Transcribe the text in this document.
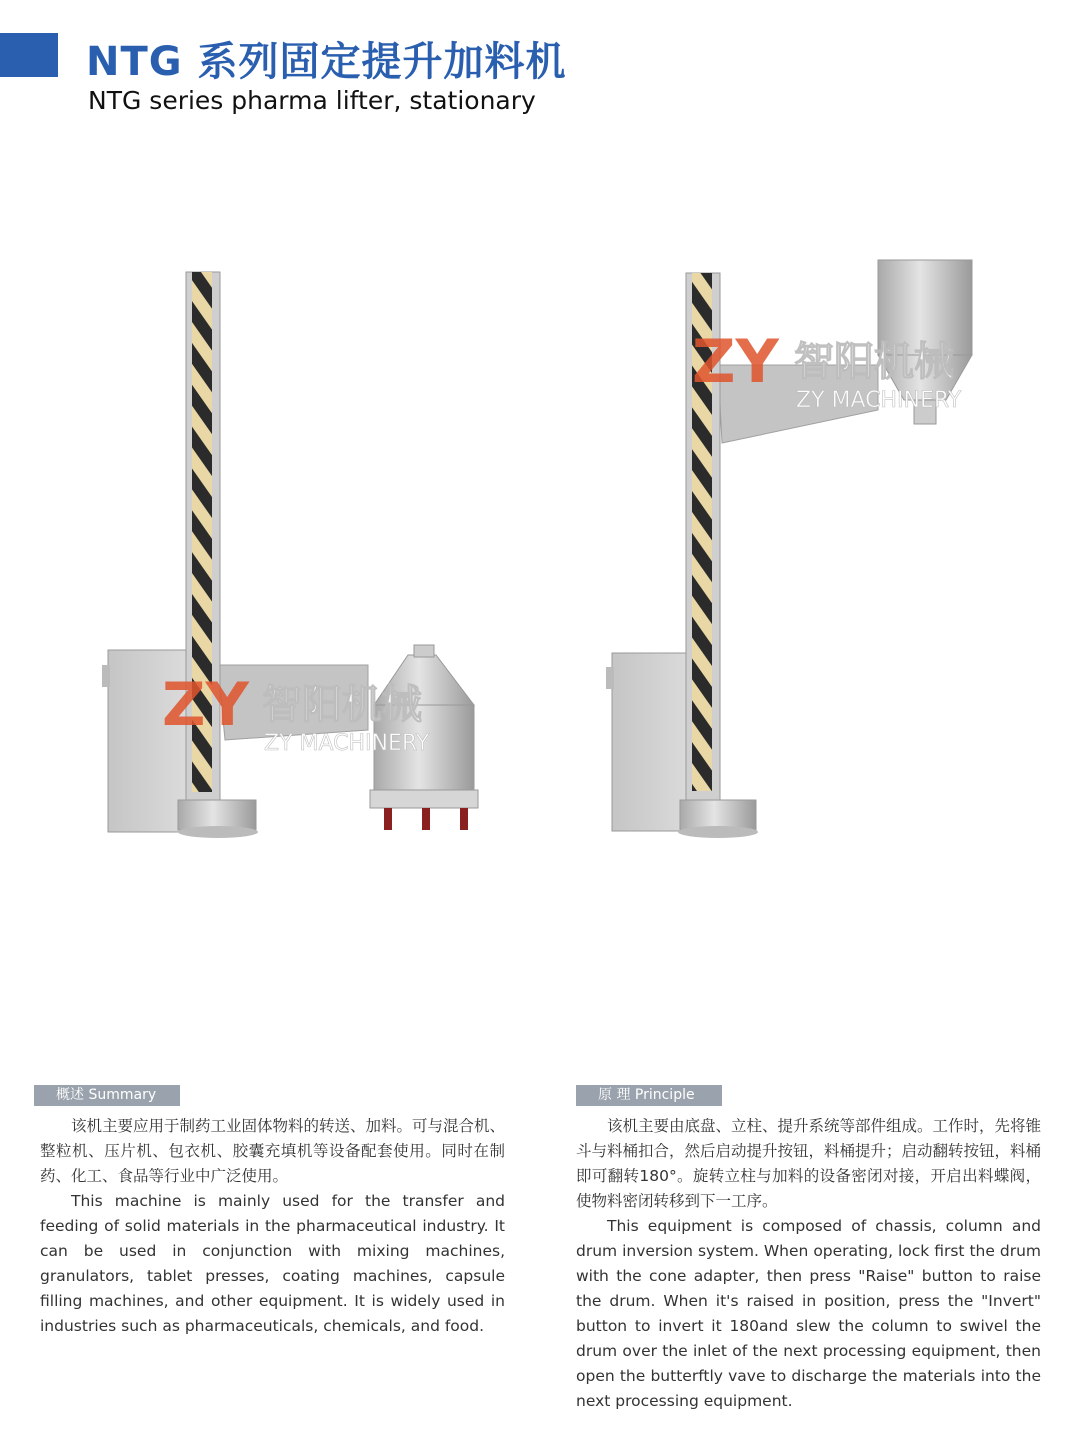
NTG 系列固定提升加料机
NTG series pharma lifter, stationary
ZY 智阳机械
ZY MACHINERY
ZY 智阳机械
ZY MACHINERY
概述 Summary

该机主要应用于制药工业固体物料的转送、加料。可与混合机、整粒机、压片机、包衣机、胶囊充填机等设备配套使用。同时在制药、化工、食品等行业中广泛使用。

This machine is mainly used for the transfer and feeding of solid materials in the pharmaceutical industry. It can be used in conjunction with mixing machines, granulators, tablet presses, coating machines, capsule filling machines, and other equipment. It is widely used in industries such as pharmaceuticals, chemicals, and food.

原 理 Principle

该机主要由底盘、立柱、提升系统等部件组成。工作时，先将锥斗与料桶扣合，然后启动提升按钮，料桶提升；启动翻转按钮，料桶即可翻转180°。旋转立柱与加料的设备密闭对接，开启出料蝶阀，使物料密闭转移到下一工序。

This equipment is composed of chassis, column and drum inversion system. When operating, lock first the drum with the cone adapter, then press "Raise" button to raise the drum. When it's raised in position, press the "Invert" button to invert it 180and slew the column to swivel the drum over the inlet of the next processing equipment, then open the butterftly vave to discharge the materials into the next processing equipment.
